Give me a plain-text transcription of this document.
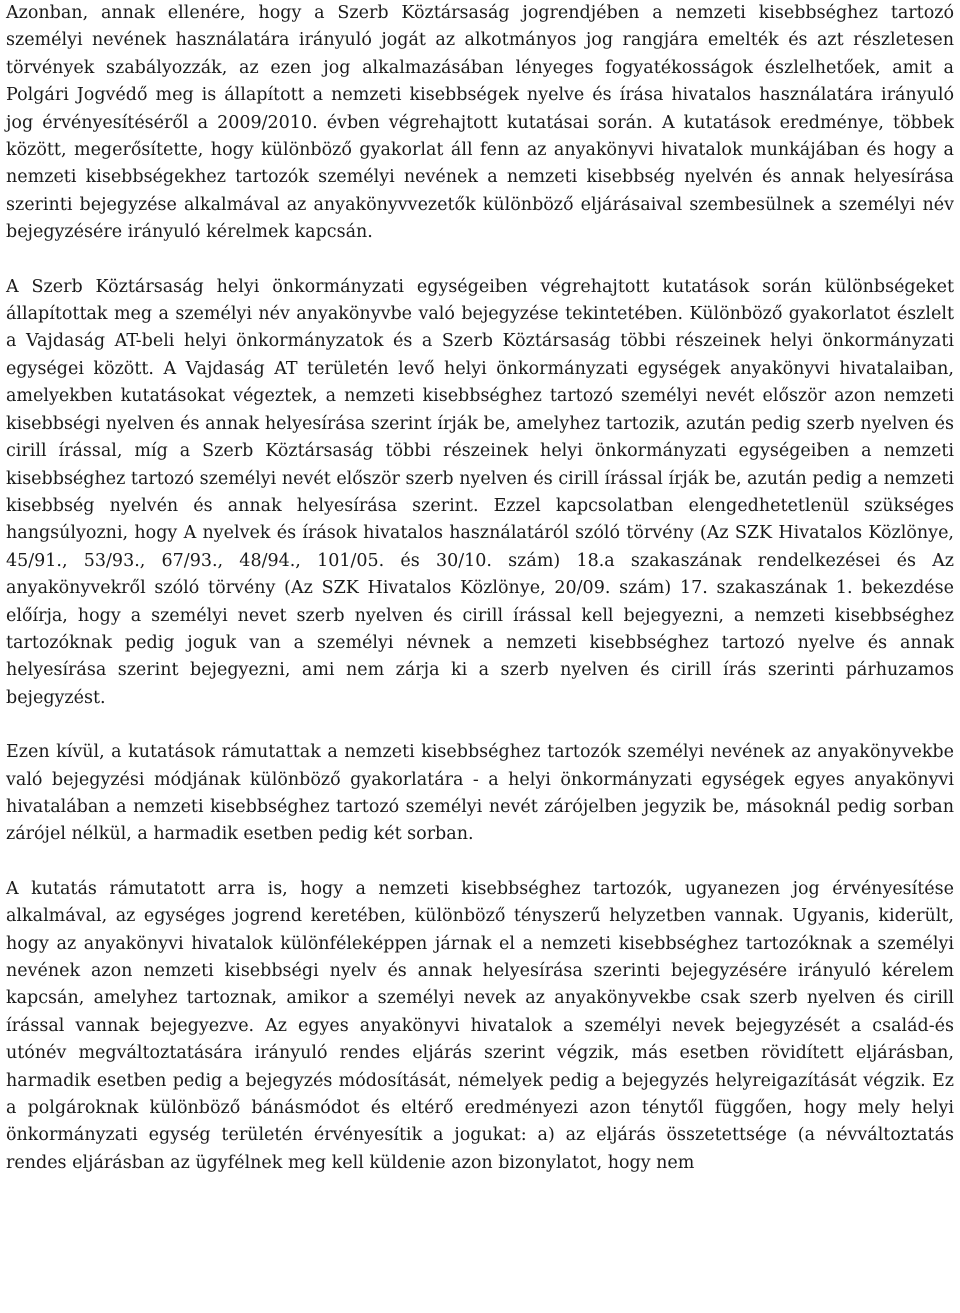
Azonban, annak ellenére, hogy a Szerb Köztársaság jogrendjében a nemzeti kisebbséghez tartozó személyi nevének használatára irányuló jogát az alkotmányos jog rangjára emelték és azt részletesen törvények szabályozzák, az ezen jog alkalmazásában lényeges fogyatékosságok észlelhetőek, amit a Polgári Jogvédő meg is állapított a nemzeti kisebbségek nyelve és írása hivatalos használatára irányuló jog érvényesítéséről a 2009/2010. évben végrehajtott kutatásai során. A kutatások eredménye, többek között, megerősítette, hogy különböző gyakorlat áll fenn az anyakönyvi hivatalok munkájában és hogy a nemzeti kisebbségekhez tartozók személyi nevének a nemzeti kisebbség nyelvén és annak helyesírása szerinti bejegyzése alkalmával az anyakönyvvezetők különböző eljárásaival szembesülnek a személyi név bejegyzésére irányuló kérelmek kapcsán.

A Szerb Köztársaság helyi önkormányzati egységeiben végrehajtott kutatások során különbségeket állapítottak meg a személyi név anyakönyvbe való bejegyzése tekintetében. Különböző gyakorlatot észlelt a Vajdaság AT-beli helyi önkormányzatok és a Szerb Köztársaság többi részeinek helyi önkormányzati egységei között. A Vajdaság AT területén levő helyi önkormányzati egységek anyakönyvi hivatalaiban, amelyekben kutatásokat végeztek, a nemzeti kisebbséghez tartozó személyi nevét először azon nemzeti kisebbségi nyelven és annak helyesírása szerint írják be, amelyhez tartozik, azután pedig szerb nyelven és cirill írással, míg a Szerb Köztársaság többi részeinek helyi önkormányzati egységeiben a nemzeti kisebbséghez tartozó személyi nevét először szerb nyelven és cirill írással írják be, azután pedig a nemzeti kisebbség nyelvén és annak helyesírása szerint. Ezzel kapcsolatban elengedhetetlenül szükséges hangsúlyozni, hogy A nyelvek és írások hivatalos használatáról szóló törvény (Az SZK Hivatalos Közlönye, 45/91., 53/93., 67/93., 48/94., 101/05. és 30/10. szám) 18.a szakaszának rendelkezései és Az anyakönyvekről szóló törvény (Az SZK Hivatalos Közlönye, 20/09. szám) 17. szakaszának 1. bekezdése előírja, hogy a személyi nevet szerb nyelven és cirill írással kell bejegyezni, a nemzeti kisebbséghez tartozóknak pedig joguk van a személyi névnek a nemzeti kisebbséghez tartozó nyelve és annak helyesírása szerint bejegyezni, ami nem zárja ki a szerb nyelven és cirill írás szerinti párhuzamos bejegyzést.

Ezen kívül, a kutatások rámutattak a nemzeti kisebbséghez tartozók személyi nevének az anyakönyvekbe való bejegyzési módjának különböző gyakorlatára - a helyi önkormányzati egységek egyes anyakönyvi hivatalában a nemzeti kisebbséghez tartozó személyi nevét zárójelben jegyzik be, másoknál pedig sorban zárójel nélkül, a harmadik esetben pedig két sorban.

A kutatás rámutatott arra is, hogy a nemzeti kisebbséghez tartozók, ugyanezen jog érvényesítése alkalmával, az egységes jogrend keretében, különböző tényszerű helyzetben vannak. Ugyanis, kiderült, hogy az anyakönyvi hivatalok különféleképpen járnak el a nemzeti kisebbséghez tartozóknak a személyi nevének azon nemzeti kisebbségi nyelv és annak helyesírása szerinti bejegyzésére irányuló kérelem kapcsán, amelyhez tartoznak, amikor a személyi nevek az anyakönyvekbe csak szerb nyelven és cirill írással vannak bejegyezve. Az egyes anyakönyvi hivatalok a személyi nevek bejegyzését a család-és utónév megváltoztatására irányuló rendes eljárás szerint végzik, más esetben rövidített eljárásban, harmadik esetben pedig a bejegyzés módosítását, némelyek pedig a bejegyzés helyreigazítását végzik. Ez a polgároknak különböző bánásmódot és eltérő eredményezi azon ténytől függően, hogy mely helyi önkormányzati egység területén érvényesítik a jogukat: a) az eljárás összetettsége (a névváltoztatás rendes eljárásban az ügyfélnek meg kell küldenie azon bizonylatot, hogy nem
